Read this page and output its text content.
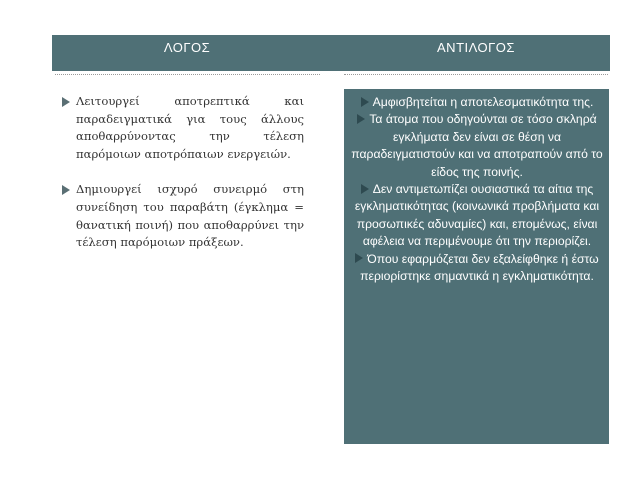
ΛΟΓΟΣ	ΑΝΤΙΛΟΓΟΣ

Λειτουργεί αποτρεπτικά και παραδειγματικά για τους άλλους αποθαρρύνοντας την τέλεση παρόμοιων αποτρόπαιων ενεργειών.

Δημιουργεί ισχυρό συνειρμό στη συνείδηση του παραβάτη (έγκλημα = θανατική ποινή) που αποθαρρύνει την τέλεση παρόμοιων πράξεων.

Αμφισβητείται η αποτελεσματικότητα της.

Τα άτομα που οδηγούνται σε τόσο σκληρά εγκλήματα δεν είναι σε θέση να παραδειγματιστούν και να αποτραπούν από το είδος της ποινής.

Δεν αντιμετωπίζει ουσιαστικά τα αίτια της εγκληματικότητας (κοινωνικά προβλήματα και προσωπικές αδυναμίες) και, επομένως, είναι αφέλεια να περιμένουμε ότι την περιορίζει.

Όπου εφαρμόζεται δεν εξαλείφθηκε ή έστω περιορίστηκε σημαντικά η εγκληματικότητα.
